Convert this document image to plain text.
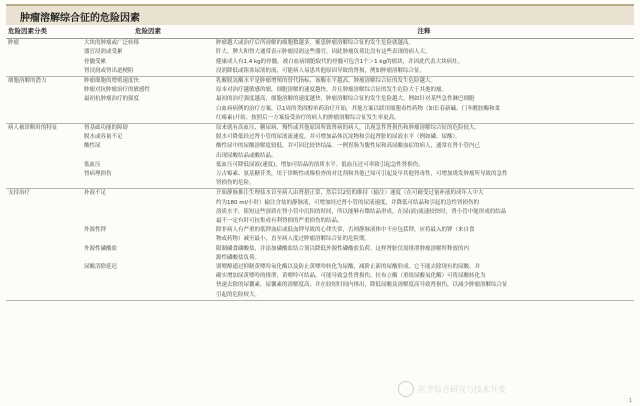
肿瘤溶解综合征的危险因素
危险因素分类	危险因素	注释
肿瘤	大块的肿瘤或广泛转移	肿瘤越大或治疗后所溶解的细胞数越多，罹患肿瘤溶解综合征的发生危险就越高。
	器官浸润或受累	肝大、脾大和肾大通常表示肿瘤浸润这些器官，因此肿瘤负荷比没有这些表现的病人大。
	骨髓受累	健康成人有1.4 kg的骨髓。被白血病细胞取代的骨髓可包含1个＞1 kg的瘤块，并因此代表大块病灶。
	肾浸润或肾出道梗阻	浸润降低或阻塞尿液的流，可能病人易患其他原因导致的肾损，例如肿瘤溶解综合征。
细胞溶解的潜力	肿瘤细胞的增殖速度快	乳酸脱氢酶水平是肿瘤增殖的替代指标，该酶水平越高，肿瘤溶解综合征的发生危险越大。
	肿瘤对抗肿瘤治疗的敏感性	原本对治疗越敏感的瘤，细胞溶解的速度越快，并且肿瘤溶解综合征的发生危险大于其他的瘤。
	最初抗肿瘤治疗的强度	最初的治疗强度越高，细胞溶解的速度越快，肿瘤溶解综合征的发生危险越大。例如针对某些急性淋巴细胞
		白血病病例的治疗方案，以1周的类固醇单药治疗开始，其他方案以联用细胞毒性药物（如长春新碱、门冬酰胺酶和柔
		红霉素)开始。按照后一方案接受治疗的病人的肿瘤溶解综合征发生率更高。
病人被诊断时的特征	肾基础功能的障碍	原来就有高血压、糖尿病、慢性或其他原因所致肾病的病人，出现急性肾损伤和肿瘤溶解综合征的危险较大。
	脱水或容量不足	脱水可降低经过肾小管的尿液流速度，并可增加晶体沉淀物和引起肾脏的尿液水平（例如磷、尿酸）。
	酸性尿	酸性尿中的尿酸溶解度较低，并可因比较快结晶。一例胃肠为腹性尿和高尿酸血症的病人，通常在肾小管内已
		出现尿酸结晶或酸结晶。
	低血压	低血压可降低尿液(速度)，增加可结晶的溶质水平。低血压还可率致引起急性肾损伤。
	肾病理损伤	万古霉素、氨基糖苷类，用于诊断性成像检查的对比剂和其他已知可引起及早其他肾毒性，可增加诱发肿瘤所导致的急性
		肾损伤的危险。
支持治疗	补液不足	开始静脉推注生理盐水首至病人由肾措正常，然后以2倍的维持（输注）速度（在可耐受过量补液的成年人中大
		约为180 ml/小时）输注含盐的静脉液，可增加经过肾小管的尿液速度，并降低可结晶和引起的急性肾损伤的
		溶质水平，阻短这些溶质在肾小管中沉积的时间，所以能够有微结晶形成，在尿(液)流速较快时，肾小管中能形成的结晶
		最不一定有时可抗集成有利肾损的严重损伤的结晶。
	外源性钾	除非病人有严重的低钾血症或低血钾导致的心律失常，否则静脉液体中不应包括钾，应将最入的钾（来自食
		物或药物）减至最小，直至病人度过肿瘤溶解综合征的危险期。
	外源性磷酸盐	限制磷食磷酸盐，并添加磷酸盐结合剂以降低外源性磷酸盐负荷，这样肾脏仅需排泄肿瘤溶解所释放的内
		源性磷酸盐负荷。
	尿酸清除延迟	别嘌醇通过抑制黄嘌呤氧化酶以及防止黄嘌呤转化为尿酸，减阶止新的尿酸形成。它不能去除现有的尿酸，并
		确实增加尿黄嘌呤的排泄，黄嘌呤可结晶，可能导致急性肾损伤。拉布立酶（重组尿酸氧化酶）可将尿酸转化为
		快速去除的尿囊素，尿囊素的溶解度高，并在较短时间内排出，降低尿酸及溶解度高导致肾损伤，以减少肿瘤溶解综合征
		引起的危险较大。
医学综合研究与技术开发
1
